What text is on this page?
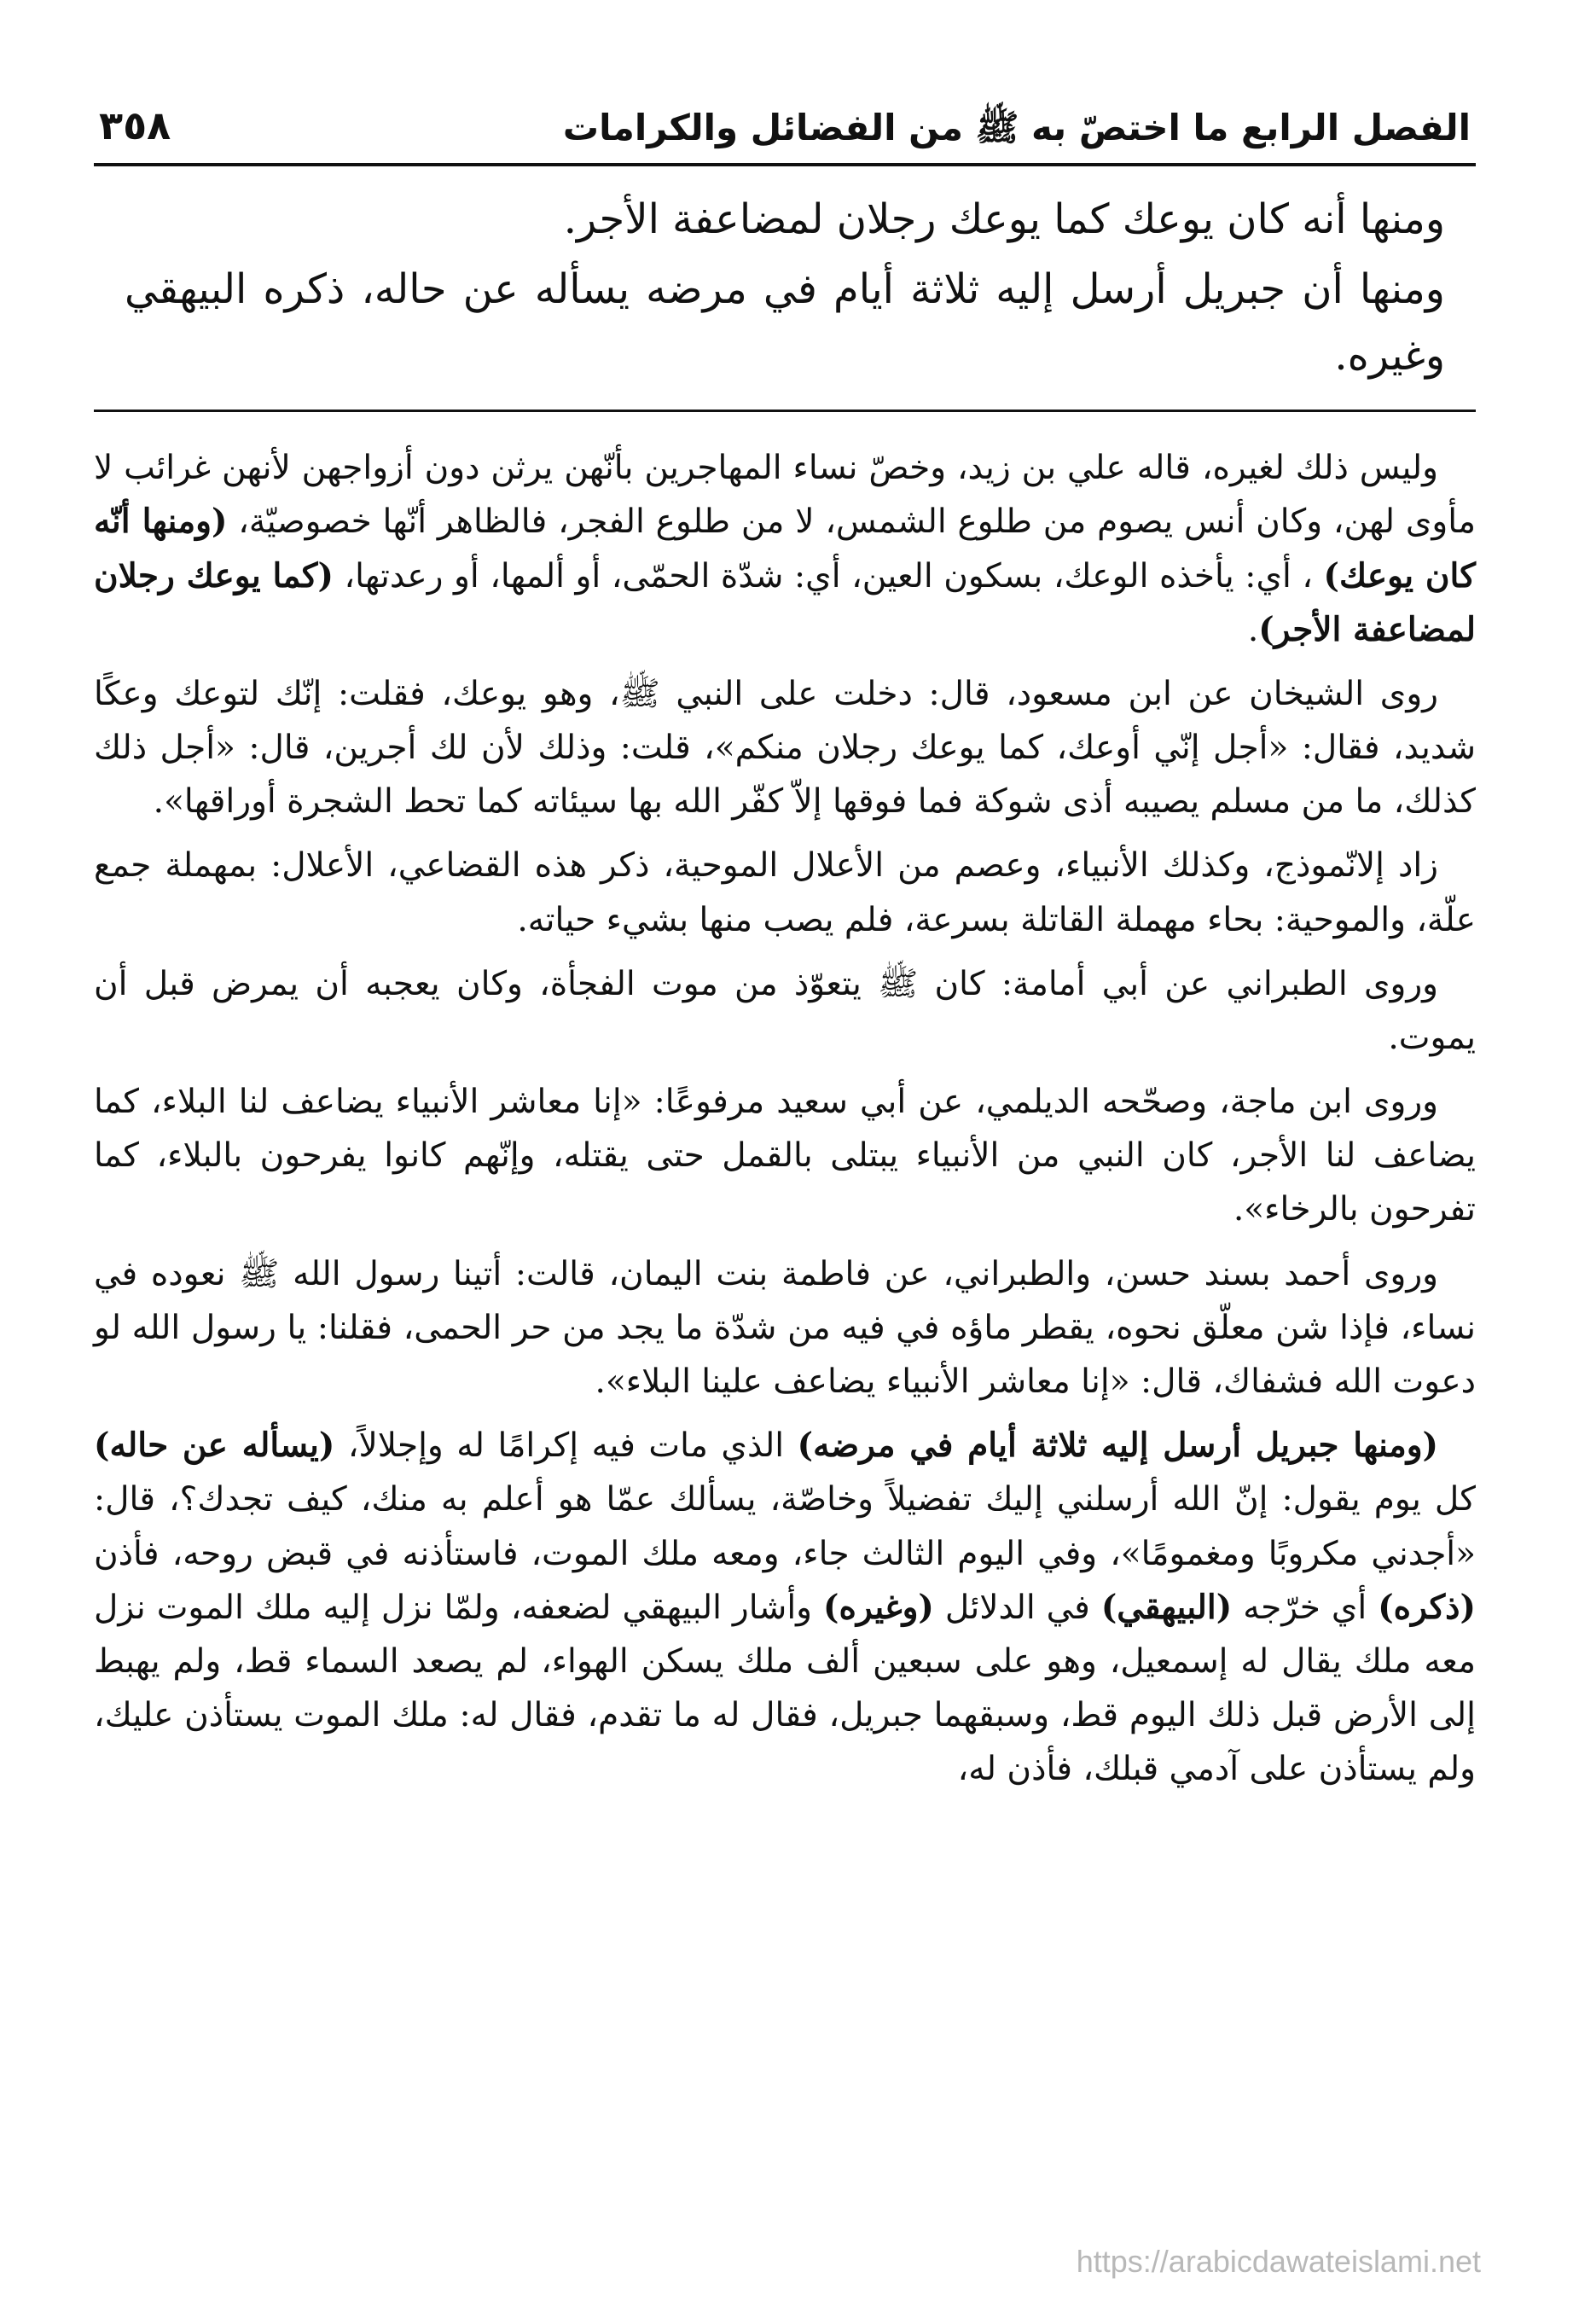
الفصل الرابع ما اختصّ به ﷺ من الفضائل والكرامات
٣٥٨

ومنها أنه كان يوعك كما يوعك رجلان لمضاعفة الأجر.

ومنها أن جبريل أرسل إليه ثلاثة أيام في مرضه يسأله عن حاله، ذكره البيهقي وغيره.

وليس ذلك لغيره، قاله علي بن زيد، وخصّ نساء المهاجرين بأنّهن يرثن دون أزواجهن لأنهن غرائب لا مأوى لهن، وكان أنس يصوم من طلوع الشمس، لا من طلوع الفجر، فالظاهر أنّها خصوصيّة، (ومنها أنّه كان يوعك) ، أي: يأخذه الوعك، بسكون العين، أي: شدّة الحمّى، أو ألمها، أو رعدتها، (كما يوعك رجلان لمضاعفة الأجر).

روى الشيخان عن ابن مسعود، قال: دخلت على النبي ﷺ، وهو يوعك، فقلت: إنّك لتوعك وعكًا شديد، فقال: «أجل إنّي أوعك، كما يوعك رجلان منكم»، قلت: وذلك لأن لك أجرين، قال: «أجل ذلك كذلك، ما من مسلم يصيبه أذى شوكة فما فوقها إلاّ كفّر الله بها سيئاته كما تحط الشجرة أوراقها».

زاد إلانّموذج، وكذلك الأنبياء، وعصم من الأعلال الموحية، ذكر هذه القضاعي، الأعلال: بمهملة جمع علّة، والموحية: بحاء مهملة القاتلة بسرعة، فلم يصب منها بشيء حياته.

وروى الطبراني عن أبي أمامة: كان ﷺ يتعوّذ من موت الفجأة، وكان يعجبه أن يمرض قبل أن يموت.

وروى ابن ماجة، وصحّحه الديلمي، عن أبي سعيد مرفوعًا: «إنا معاشر الأنبياء يضاعف لنا البلاء، كما يضاعف لنا الأجر، كان النبي من الأنبياء يبتلى بالقمل حتى يقتله، وإنّهم كانوا يفرحون بالبلاء، كما تفرحون بالرخاء».

وروى أحمد بسند حسن، والطبراني، عن فاطمة بنت اليمان، قالت: أتينا رسول الله ﷺ نعوده في نساء، فإذا شن معلّق نحوه، يقطر ماؤه في فيه من شدّة ما يجد من حر الحمى، فقلنا: يا رسول الله لو دعوت الله فشفاك، قال: «إنا معاشر الأنبياء يضاعف علينا البلاء».

(ومنها جبريل أرسل إليه ثلاثة أيام في مرضه) الذي مات فيه إكرامًا له وإجلالاً، (يسأله عن حاله) كل يوم يقول: إنّ الله أرسلني إليك تفضيلاً وخاصّة، يسألك عمّا هو أعلم به منك، كيف تجدك؟، قال: «أجدني مكروبًا ومغمومًا»، وفي اليوم الثالث جاء، ومعه ملك الموت، فاستأذنه في قبض روحه، فأذن (ذكره) أي خرّجه (البيهقي) في الدلائل (وغيره) وأشار البيهقي لضعفه، ولمّا نزل إليه ملك الموت نزل معه ملك يقال له إسمعيل، وهو على سبعين ألف ملك يسكن الهواء، لم يصعد السماء قط، ولم يهبط إلى الأرض قبل ذلك اليوم قط، وسبقهما جبريل، فقال له ما تقدم، فقال له: ملك الموت يستأذن عليك، ولم يستأذن على آدمي قبلك، فأذن له،

https://arabicdawateislami.net
